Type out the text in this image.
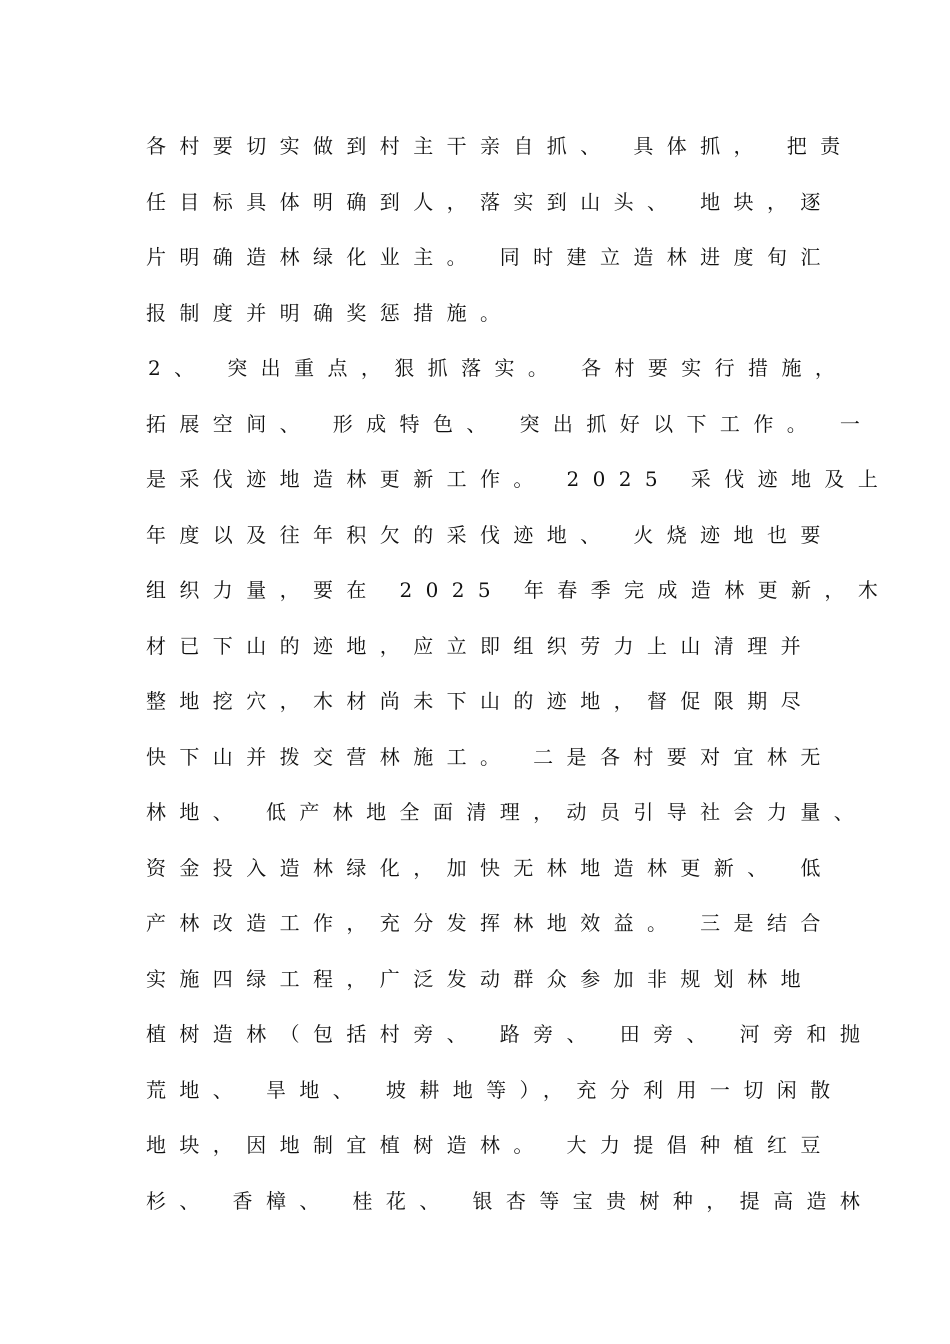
各村要切实做到村主干亲自抓、 具体抓， 把责
任目标具体明确到人，落实到山头、 地块，逐
片明确造林绿化业主。 同时建立造林进度旬汇
报制度并明确奖惩措施。
2、 突出重点，狠抓落实。 各村要实行措施，
拓展空间、 形成特色、 突出抓好以下工作。 一
是采伐迹地造林更新工作。 2025 采伐迹地及上
年度以及往年积欠的采伐迹地、 火烧迹地也要
组织力量，要在 2025 年春季完成造林更新，木
材已下山的迹地，应立即组织劳力上山清理并
整地挖穴，木材尚未下山的迹地，督促限期尽
快下山并拨交营林施工。 二是各村要对宜林无
林地、 低产林地全面清理，动员引导社会力量、
资金投入造林绿化，加快无林地造林更新、 低
产林改造工作，充分发挥林地效益。 三是结合
实施四绿工程，广泛发动群众参加非规划林地
植树造林（包括村旁、 路旁、 田旁、 河旁和抛
荒地、 旱地、 坡耕地等），充分利用一切闲散
地块，因地制宜植树造林。 大力提倡种植红豆
杉、 香樟、 桂花、 银杏等宝贵树种，提高造林
